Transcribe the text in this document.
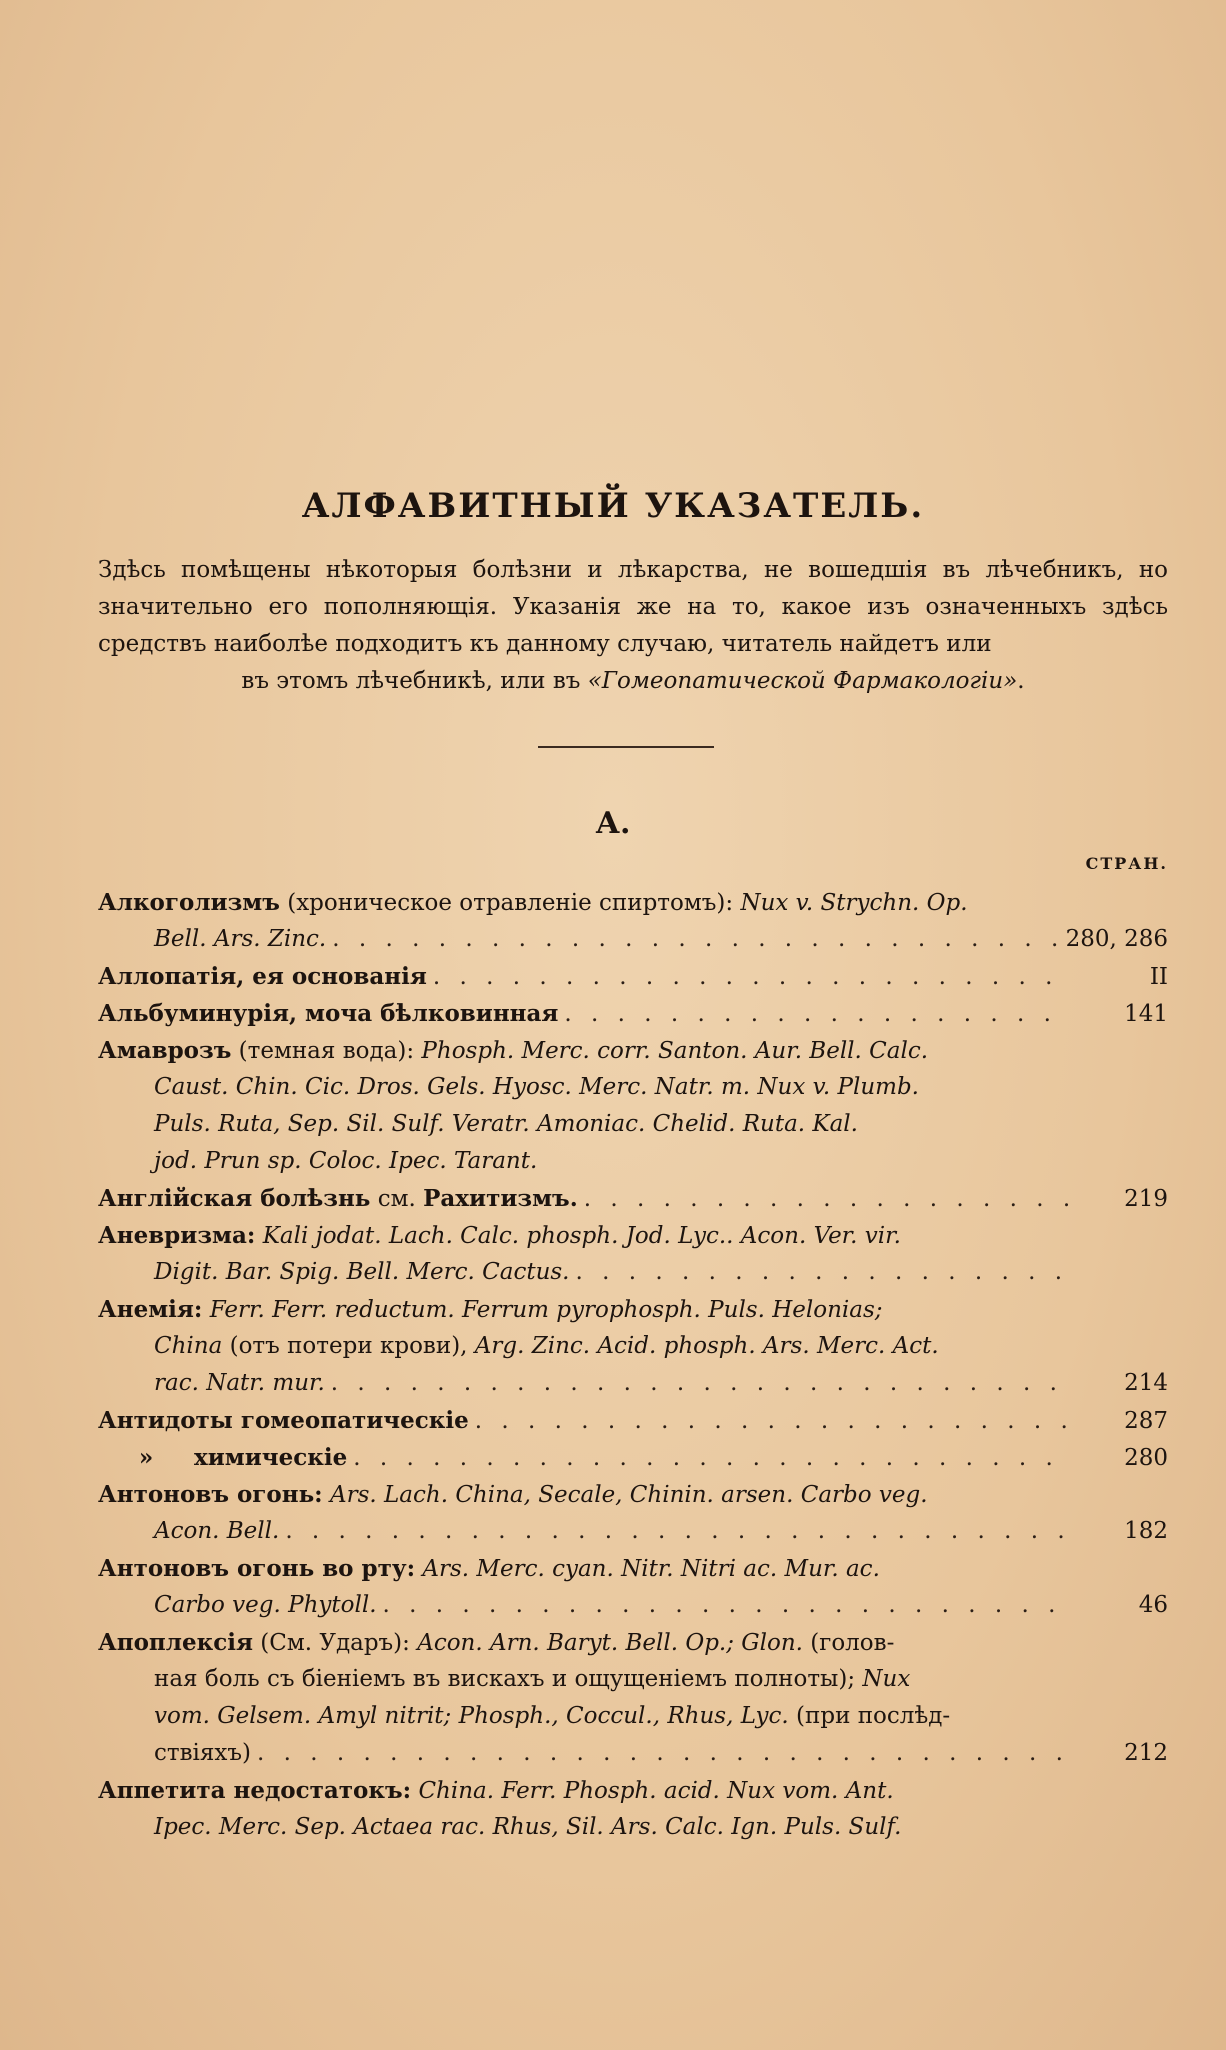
АЛФАВИТНЫЙ УКАЗАТЕЛЬ.

Здѣсь помѣщены нѣкоторыя болѣзни и лѣкарства, не вошедшія въ лѣчебникъ, но значительно его пополняющія. Указанія же на то, какое изъ означенныхъ здѣсь средствъ наиболѣе подходитъ къ данному случаю, читатель найдетъ или
въ этомъ лѣчебникѣ, или въ «Гомеопатической Фармакологіи».

А.
СТРАН.
Алкоголизмъ (хроническое отравленіе спиртомъ): Nux v. Strychn. Op.
Bell. Ars. Zinc. . . .	280, 286
Аллопатія, ея основанія . . .	II
Альбуминурія, моча бѣлковинная . . .	141
Амаврозъ (темная вода): Phosph. Merc. corr. Santon. Aur. Bell. Calc.
Caust. Chin. Cic. Dros. Gels. Hyosc. Merc. Natr. m. Nux v. Plumb.
Puls. Ruta, Sep. Sil. Sulf. Veratr. Amoniac. Chelid. Ruta. Kal.
jod. Prun sp. Coloc. Ipec. Tarant.
Англійская болѣзнь см. Рахитизмъ. . . .	219
Аневризма: Kali jodat. Lach. Calc. phosph. Jod. Lyc.. Acon. Ver. vir.
Digit. Bar. Spig. Bell. Merc. Cactus.
. . .
Анемія: Ferr. Ferr. reductum. Ferrum pyrophosph. Puls. Helonias;
China (отъ потери крови), Arg. Zinc. Acid. phosph. Ars. Merc. Act.
rac. Natr. mur. . . .	214
Антидоты гомеопатическіе . . .	287
» химическіе . . .	280
Антоновъ огонь: Ars. Lach. China, Secale, Chinin. arsen. Carbo veg.
Acon. Bell. . . .	182
Антоновъ огонь во рту: Ars. Merc. cyan. Nitr. Nitri ac. Mur. ac.
Carbo veg. Phytoll. . . .	46
Апоплексія (См. Ударъ): Acon. Arn. Baryt. Bell. Op.; Glon. (голов-
ная боль съ біеніемъ въ вискахъ и ощущеніемъ полноты); Nux
vom. Gelsem. Amyl nitrit; Phosph., Coccul., Rhus, Lyc. (при послѣд-
ствіяхъ) . . .	212
Аппетита недостатокъ: China. Ferr. Phosph. acid. Nux vom. Ant.
Ipec. Merc. Sep. Actaea rac. Rhus, Sil. Ars. Calc. Ign. Puls. Sulf.
